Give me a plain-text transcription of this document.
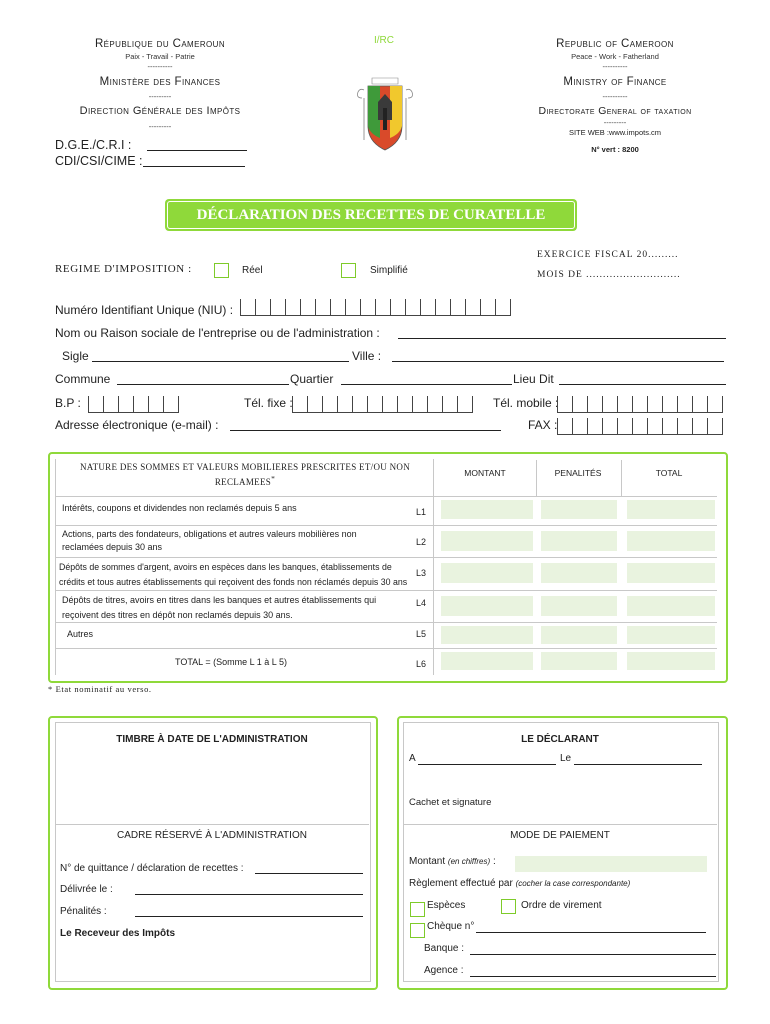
République du Cameroun
Paix - Travail - Patrie
----------
Ministère des Finances
---------
Direction Générale des Impôts
---------
D.G.E./C.R.I :
CDI/CSI/CIME :
I/RC	Republic of Cameroon
Peace - Work - Fatherland
----------
Ministry of Finance
----------
Directorate General of taxation
---------
SITE WEB :www.impots.cm
N° vert : 8200
DÉCLARATION DES RECETTES DE CURATELLE
EXERCICE FISCAL 20.........
MOIS DE ............................
REGIME D'IMPOSITION :	Réel	Simplifié
Numéro Identifiant Unique (NIU) :
Nom ou Raison sociale de l'entreprise ou de l'administration :
Sigle	Ville :
Commune	Quartier	Lieu Dit
B.P :	Tél. fixe :	Tél. mobile :
Adresse électronique (e-mail) :	FAX :
NATURE DES SOMMES ET VALEURS MOBILIERES PRESCRITES ET/OU NON RECLAMEES*
MONTANT	PENALITÉS	TOTAL
Intérêts, coupons et dividendes non reclamés depuis 5 ans	L1
Actions, parts des fondateurs, obligations et autres valeurs mobilières non reclamées depuis 30 ans	L2
Dépôts de sommes d'argent, avoirs en espèces dans les banques, établissements de crédits et tous autres établissements qui reçoivent des fonds non réclamés depuis 30 ans
L3
Dépôts de titres, avoirs en titres dans les banques et autres établissements qui reçoivent des titres en dépôt non reclamés depuis 30 ans.
L4
Autres	L5
TOTAL = (Somme L 1 à L 5)	L6
* Etat nominatif au verso.
TIMBRE À DATE DE L'ADMINISTRATION
CADRE RÉSERVÉ À L'ADMINISTRATION
N° de quittance / déclaration de recettes :
Délivrée le :
Pénalités :
Le Receveur des Impôts
LE DÉCLARANT
A	Le
Cachet et signature
MODE DE PAIEMENT
Montant (en chiffres) :
Règlement effectué par (cocher la case correspondante)
Espèces	Ordre de virement
Chèque n°
Banque :
Agence :
